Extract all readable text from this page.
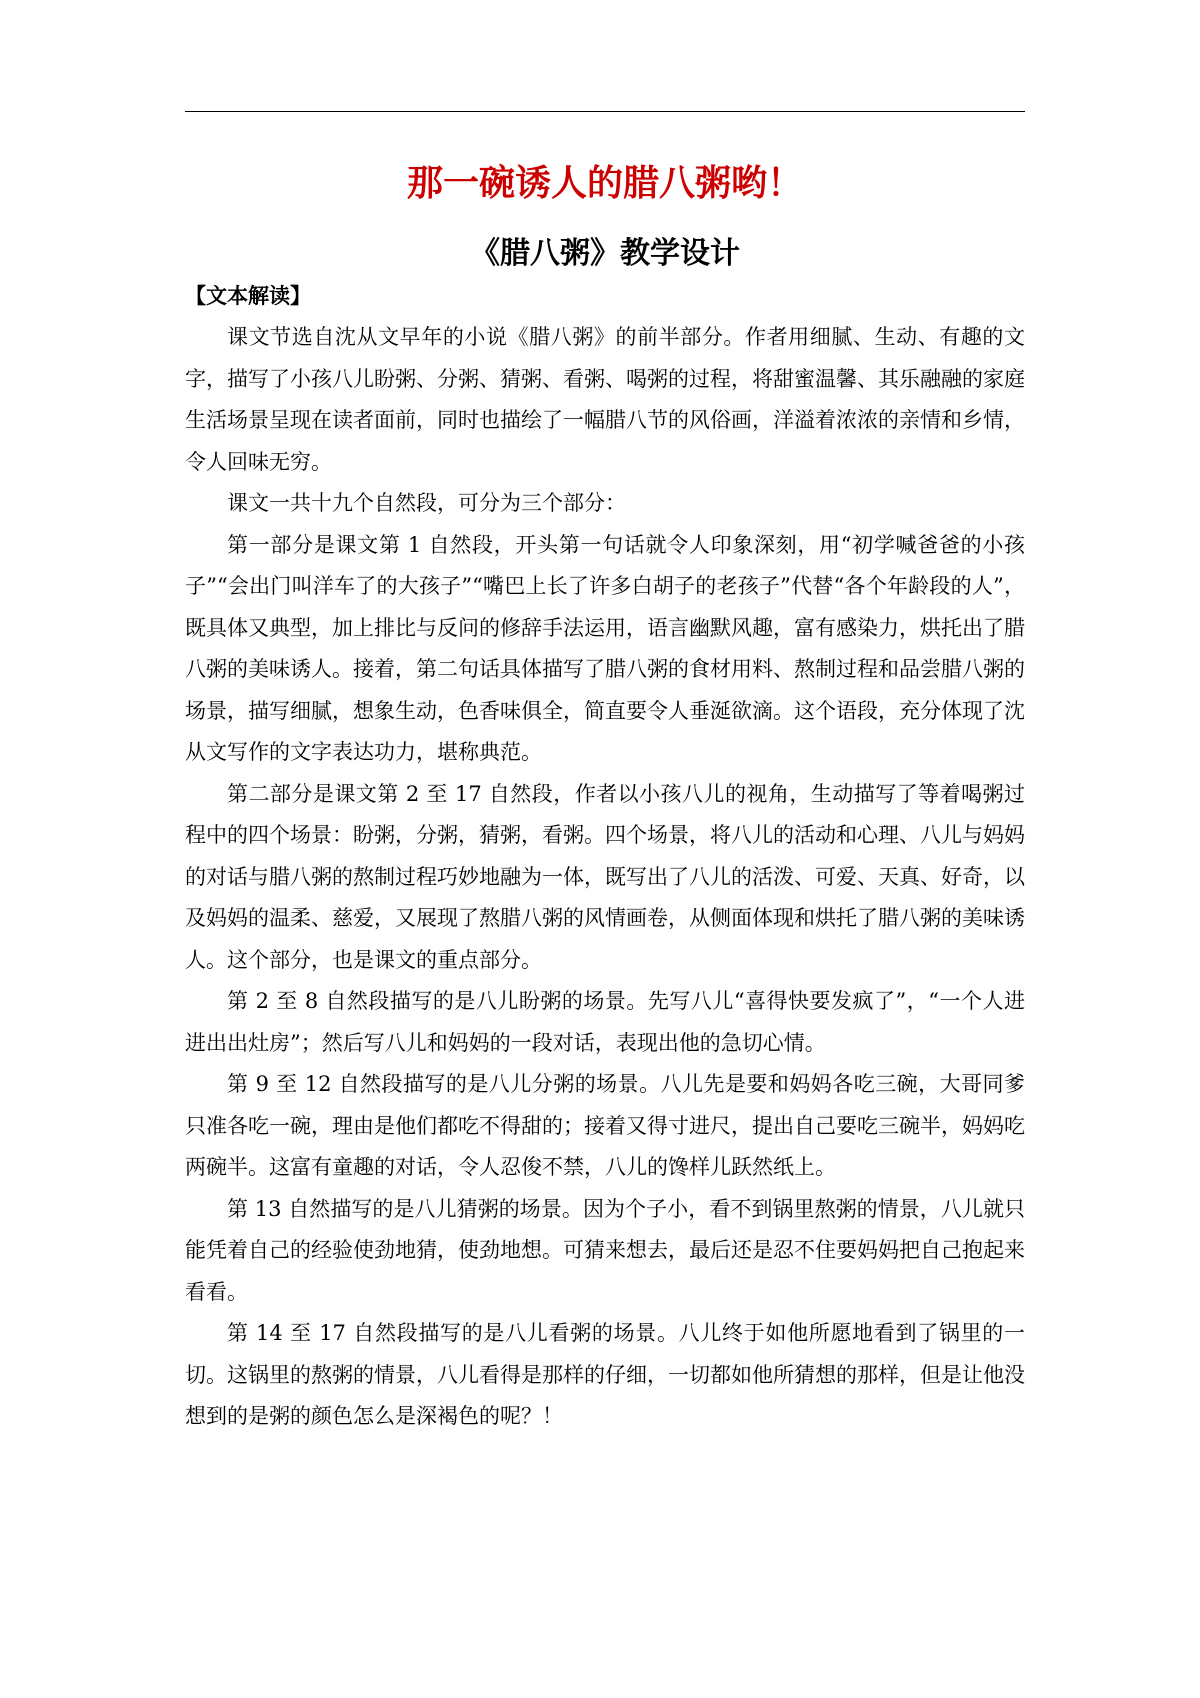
那一碗诱人的腊八粥哟！
《腊八粥》教学设计
【文本解读】

课文节选自沈从文早年的小说《腊八粥》的前半部分。作者用细腻、生动、有趣的文字，描写了小孩八儿盼粥、分粥、猜粥、看粥、喝粥的过程，将甜蜜温馨、其乐融融的家庭生活场景呈现在读者面前，同时也描绘了一幅腊八节的风俗画，洋溢着浓浓的亲情和乡情，令人回味无穷。

课文一共十九个自然段，可分为三个部分：

第一部分是课文第 1 自然段，开头第一句话就令人印象深刻，用“初学喊爸爸的小孩子”“会出门叫洋车了的大孩子”“嘴巴上长了许多白胡子的老孩子”代替“各个年龄段的人”，既具体又典型，加上排比与反问的修辞手法运用，语言幽默风趣，富有感染力，烘托出了腊八粥的美味诱人。接着，第二句话具体描写了腊八粥的食材用料、熬制过程和品尝腊八粥的场景，描写细腻，想象生动，色香味俱全，简直要令人垂涎欲滴。这个语段，充分体现了沈从文写作的文字表达功力，堪称典范。

第二部分是课文第 2 至 17 自然段，作者以小孩八儿的视角，生动描写了等着喝粥过程中的四个场景：盼粥，分粥，猜粥，看粥。四个场景，将八儿的活动和心理、八儿与妈妈的对话与腊八粥的熬制过程巧妙地融为一体，既写出了八儿的活泼、可爱、天真、好奇，以及妈妈的温柔、慈爱，又展现了熬腊八粥的风情画卷，从侧面体现和烘托了腊八粥的美味诱人。这个部分，也是课文的重点部分。

第 2 至 8 自然段描写的是八儿盼粥的场景。先写八儿“喜得快要发疯了”，“一个人进进出出灶房”；然后写八儿和妈妈的一段对话，表现出他的急切心情。

第 9 至 12 自然段描写的是八儿分粥的场景。八儿先是要和妈妈各吃三碗，大哥同爹只准各吃一碗，理由是他们都吃不得甜的；接着又得寸进尺，提出自己要吃三碗半，妈妈吃两碗半。这富有童趣的对话，令人忍俊不禁，八儿的馋样儿跃然纸上。

第 13 自然描写的是八儿猜粥的场景。因为个子小，看不到锅里熬粥的情景，八儿就只能凭着自己的经验使劲地猜，使劲地想。可猜来想去，最后还是忍不住要妈妈把自己抱起来看看。

第 14 至 17 自然段描写的是八儿看粥的场景。八儿终于如他所愿地看到了锅里的一切。这锅里的熬粥的情景，八儿看得是那样的仔细，一切都如他所猜想的那样，但是让他没想到的是粥的颜色怎么是深褐色的呢？！
